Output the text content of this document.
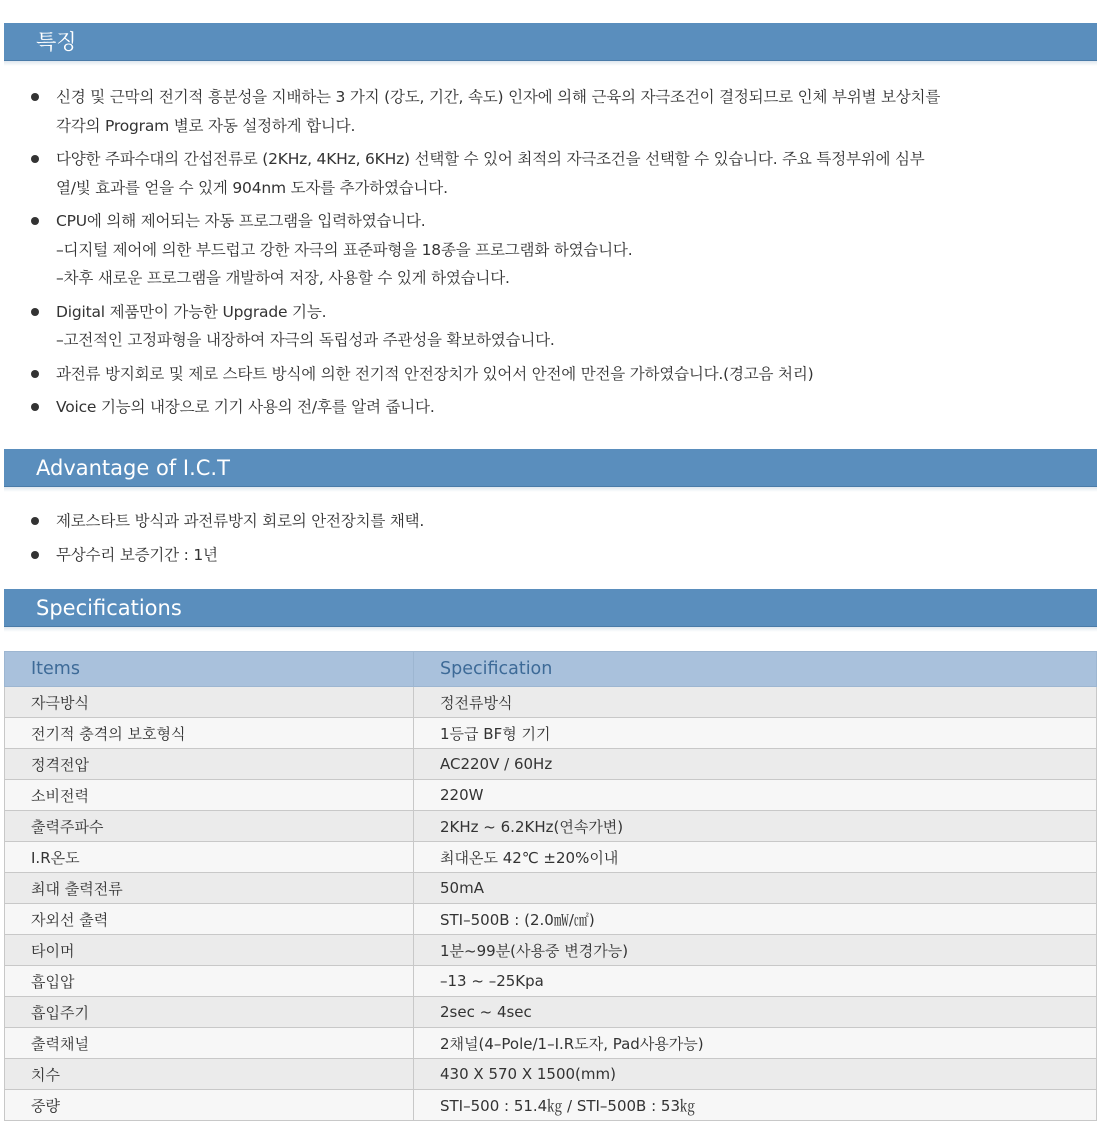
특징
신경 및 근막의 전기적 흥분성을 지배하는 3 가지 (강도, 기간, 속도) 인자에 의해 근육의 자극조건이 결정되므로 인체 부위별 보상치를
각각의 Program 별로 자동 설정하게 합니다.
다양한 주파수대의 간섭전류로 (2KHz, 4KHz, 6KHz) 선택할 수 있어 최적의 자극조건을 선택할 수 있습니다. 주요 특정부위에 심부
열/빛 효과를 얻을 수 있게 904nm 도자를 추가하였습니다.
CPU에 의해 제어되는 자동 프로그램을 입력하였습니다.
–디지털 제어에 의한 부드럽고 강한 자극의 표준파형을 18종을 프로그램화 하였습니다.
–차후 새로운 프로그램을 개발하여 저장, 사용할 수 있게 하였습니다.
Digital 제품만이 가능한 Upgrade 기능.
–고전적인 고정파형을 내장하여 자극의 독립성과 주관성을 확보하였습니다.
과전류 방지회로 및 제로 스타트 방식에 의한 전기적 안전장치가 있어서 안전에 만전을 가하였습니다.(경고음 처리)
Voice 기능의 내장으로 기기 사용의 전/후를 알려 줍니다.
Advantage of I.C.T
제로스타트 방식과 과전류방지 회로의 안전장치를 채택.
무상수리 보증기간 : 1년
Specifications
Items	Specification
자극방식	정전류방식
전기적 충격의 보호형식	1등급 BF형 기기
정격전압	AC220V / 60Hz
소비전력	220W
출력주파수	2KHz ~ 6.2KHz(연속가변)
I.R온도	최대온도 42℃ ±20%이내
최대 출력전류	50mA
자외선 출력	STI–500B : (2.0㎽/㎠)
타이머	1분~99분(사용중 변경가능)
흡입압	–13 ~ –25Kpa
흡입주기	2sec ~ 4sec
출력채널	2채널(4–Pole/1–I.R도자, Pad사용가능)
치수	430 X 570 X 1500(mm)
중량	STI–500 : 51.4㎏ / STI–500B : 53㎏
